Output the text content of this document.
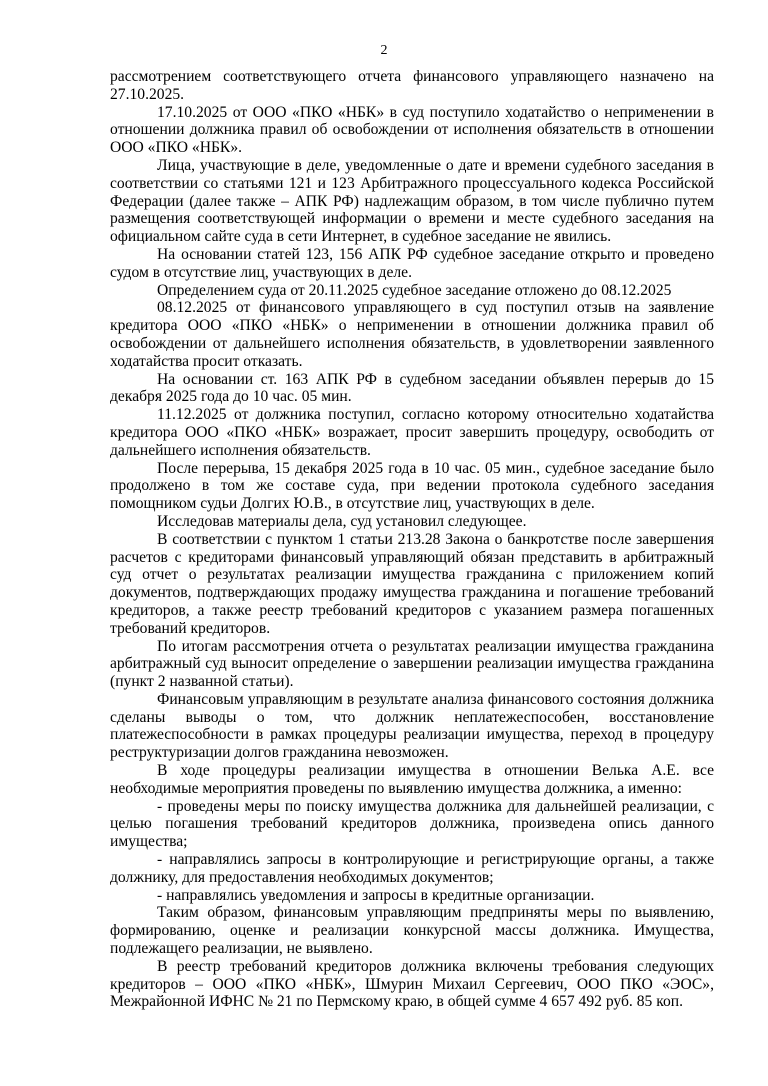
2

рассмотрением соответствующего отчета финансового управляющего назначено на 27.10.2025.

17.10.2025 от ООО «ПКО «НБК» в суд поступило ходатайство о неприменении в отношении должника правил об освобождении от исполнения обязательств в отношении ООО «ПКО «НБК».

Лица, участвующие в деле, уведомленные о дате и времени судебного заседания в соответствии со статьями 121 и 123 Арбитражного процессуального кодекса Российской Федерации (далее также – АПК РФ) надлежащим образом, в том числе публично путем размещения соответствующей информации о времени и месте судебного заседания на официальном сайте суда в сети Интернет, в судебное заседание не явились.

На основании статей 123, 156 АПК РФ судебное заседание открыто и проведено судом в отсутствие лиц, участвующих в деле.

Определением суда от 20.11.2025 судебное заседание отложено до 08.12.2025

08.12.2025 от финансового управляющего в суд поступил отзыв на заявление кредитора ООО «ПКО «НБК» о неприменении в отношении должника правил об освобождении от дальнейшего исполнения обязательств, в удовлетворении заявленного ходатайства просит отказать.

На основании ст. 163 АПК РФ в судебном заседании объявлен перерыв до 15 декабря 2025 года до 10 час. 05 мин.

11.12.2025 от должника поступил, согласно которому относительно ходатайства кредитора ООО «ПКО «НБК» возражает, просит завершить процедуру, освободить от дальнейшего исполнения обязательств.

После перерыва, 15 декабря 2025 года в 10 час. 05 мин., судебное заседание было продолжено в том же составе суда, при ведении протокола судебного заседания помощником судьи Долгих Ю.В., в отсутствие лиц, участвующих в деле.

Исследовав материалы дела, суд установил следующее.

В соответствии с пунктом 1 статьи 213.28 Закона о банкротстве после завершения расчетов с кредиторами финансовый управляющий обязан представить в арбитражный суд отчет о результатах реализации имущества гражданина с приложением копий документов, подтверждающих продажу имущества гражданина и погашение требований кредиторов, а также реестр требований кредиторов с указанием размера погашенных требований кредиторов.

По итогам рассмотрения отчета о результатах реализации имущества гражданина арбитражный суд выносит определение о завершении реализации имущества гражданина (пункт 2 названной статьи).

Финансовым управляющим в результате анализа финансового состояния должника сделаны выводы о том, что должник неплатежеспособен, восстановление платежеспособности в рамках процедуры реализации имущества, переход в процедуру реструктуризации долгов гражданина невозможен.

В ходе процедуры реализации имущества в отношении Велька А.Е. все необходимые мероприятия проведены по выявлению имущества должника, а именно:

- проведены меры по поиску имущества должника для дальнейшей реализации, с целью погашения требований кредиторов должника, произведена опись данного имущества;

- направлялись запросы в контролирующие и регистрирующие органы, а также должнику, для предоставления необходимых документов;

- направлялись уведомления и запросы в кредитные организации.

Таким образом, финансовым управляющим предприняты меры по выявлению, формированию, оценке и реализации конкурсной массы должника. Имущества, подлежащего реализации, не выявлено.

В реестр требований кредиторов должника включены требования следующих кредиторов – ООО «ПКО «НБК», Шмурин Михаил Сергеевич, ООО ПКО «ЭОС», Межрайонной ИФНС № 21 по Пермскому краю, в общей сумме 4 657 492 руб. 85 коп.
